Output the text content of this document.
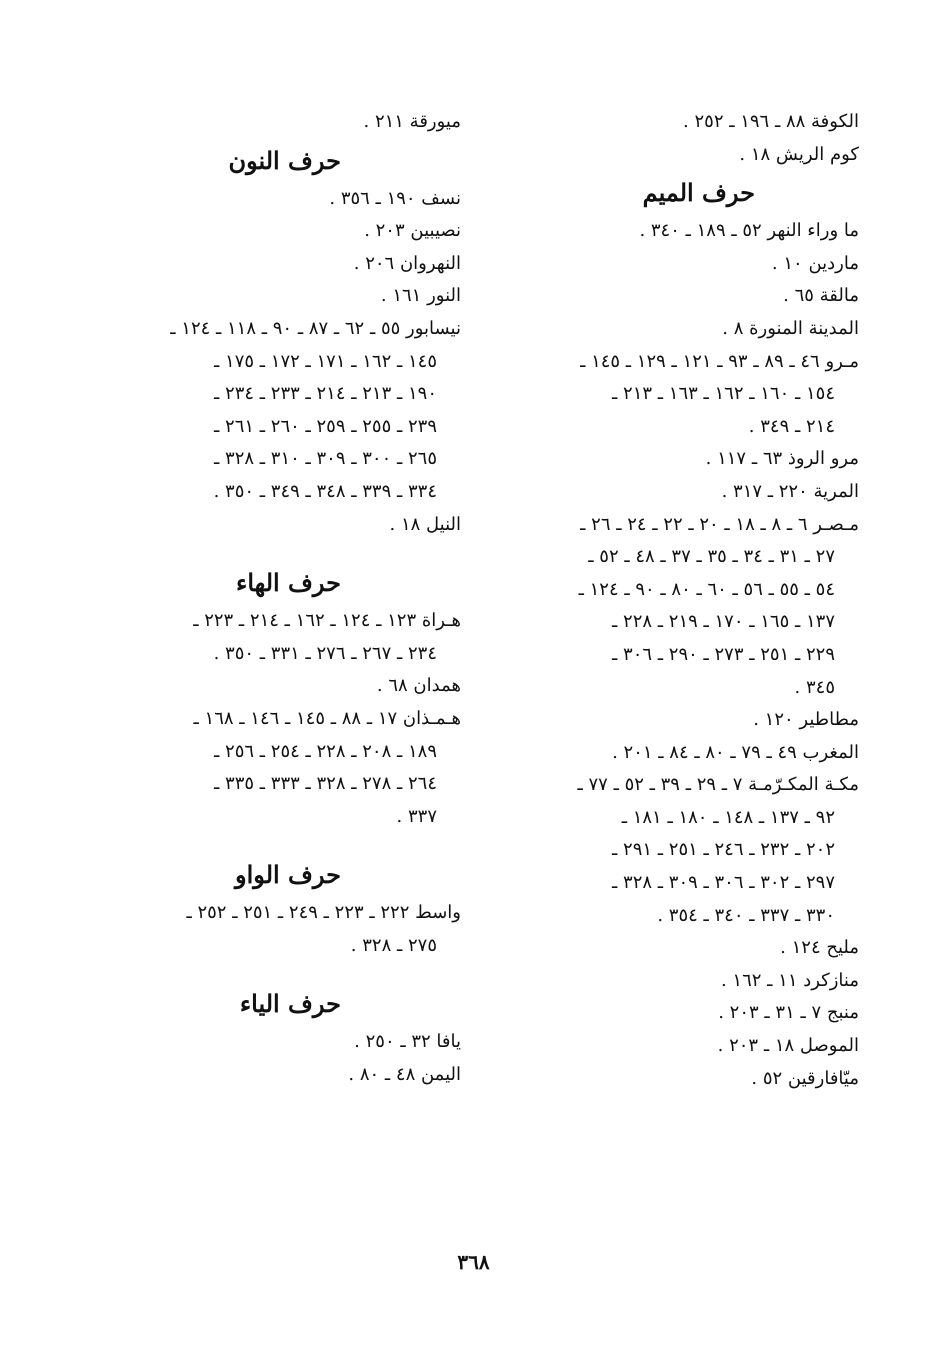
الكوفة ٨٨ ـ ١٩٦ ـ ٢٥٢ .
كوم الريش ١٨ .
حرف الميم
ما وراء النهر ٥٢ ـ ١٨٩ ـ ٣٤٠ .
ماردين ١٠ .
مالقة ٦٥ .
المدينة المنورة ٨ .
مـرو ٤٦ ـ ٨٩ ـ ٩٣ ـ ١٢١ ـ ١٢٩ ـ ١٤٥ ـ
١٥٤ ـ ١٦٠ ـ ١٦٢ ـ ١٦٣ ـ ٢١٣ ـ
٢١٤ ـ ٣٤٩ .
مرو الروذ ٦٣ ـ ١١٧ .
المرية ٢٢٠ ـ ٣١٧ .
مـصـر ٦ ـ ٨ ـ ١٨ ـ ٢٠ ـ ٢٢ ـ ٢٤ ـ ٢٦ ـ
٢٧ ـ ٣١ ـ ٣٤ ـ ٣٥ ـ ٣٧ ـ ٤٨ ـ ٥٢ ـ
٥٤ ـ ٥٥ ـ ٥٦ ـ ٦٠ ـ ٨٠ ـ ٩٠ ـ ١٢٤ ـ
١٣٧ ـ ١٦٥ ـ ١٧٠ ـ ٢١٩ ـ ٢٢٨ ـ
٢٢٩ ـ ٢٥١ ـ ٢٧٣ ـ ٢٩٠ ـ ٣٠٦ ـ
٣٤٥ .
مطاطير ١٢٠ .
المغرب ٤٩ ـ ٧٩ ـ ٨٠ ـ ٨٤ ـ ٢٠١ .
مكـة المكـرّمـة ٧ ـ ٢٩ ـ ٣٩ ـ ٥٢ ـ ٧٧ ـ
٩٢ ـ ١٣٧ ـ ١٤٨ ـ ١٨٠ ـ ١٨١ ـ
٢٠٢ ـ ٢٣٢ ـ ٢٤٦ ـ ٢٥١ ـ ٢٩١ ـ
٢٩٧ ـ ٣٠٢ ـ ٣٠٦ ـ ٣٠٩ ـ ٣٢٨ ـ
٣٣٠ ـ ٣٣٧ ـ ٣٤٠ ـ ٣٥٤ .
مليح ١٢٤ .
منازكرد ١١ ـ ١٦٢ .
منبج ٧ ـ ٣١ ـ ٢٠٣ .
الموصل ١٨ ـ ٢٠٣ .
ميّافارقين ٥٢ .
ميورقة ٢١١ .
حرف النون
نسف ١٩٠ ـ ٣٥٦ .
نصيبين ٢٠٣ .
النهروان ٢٠٦ .
النور ١٦١ .
نيسابور ٥٥ ـ ٦٢ ـ ٨٧ ـ ٩٠ ـ ١١٨ ـ ١٢٤ ـ
١٤٥ ـ ١٦٢ ـ ١٧١ ـ ١٧٢ ـ ١٧٥ ـ
١٩٠ ـ ٢١٣ ـ ٢١٤ ـ ٢٣٣ ـ ٢٣٤ ـ
٢٣٩ ـ ٢٥٥ ـ ٢٥٩ ـ ٢٦٠ ـ ٢٦١ ـ
٢٦٥ ـ ٣٠٠ ـ ٣٠٩ ـ ٣١٠ ـ ٣٢٨ ـ
٣٣٤ ـ ٣٣٩ ـ ٣٤٨ ـ ٣٤٩ ـ ٣٥٠ .
النيل ١٨ .
حرف الهاء
هـراة ١٢٣ ـ ١٢٤ ـ ١٦٢ ـ ٢١٤ ـ ٢٢٣ ـ
٢٣٤ ـ ٢٦٧ ـ ٢٧٦ ـ ٣٣١ ـ ٣٥٠ .
همدان ٦٨ .
هـمـذان ١٧ ـ ٨٨ ـ ١٤٥ ـ ١٤٦ ـ ١٦٨ ـ
١٨٩ ـ ٢٠٨ ـ ٢٢٨ ـ ٢٥٤ ـ ٢٥٦ ـ
٢٦٤ ـ ٢٧٨ ـ ٣٢٨ ـ ٣٣٣ ـ ٣٣٥ ـ
٣٣٧ .
حرف الواو
واسط ٢٢٢ ـ ٢٢٣ ـ ٢٤٩ ـ ٢٥١ ـ ٢٥٢ ـ
٢٧٥ ـ ٣٢٨ .
حرف الياء
يافا ٣٢ ـ ٢٥٠ .
اليمن ٤٨ ـ ٨٠ .
٣٦٨
